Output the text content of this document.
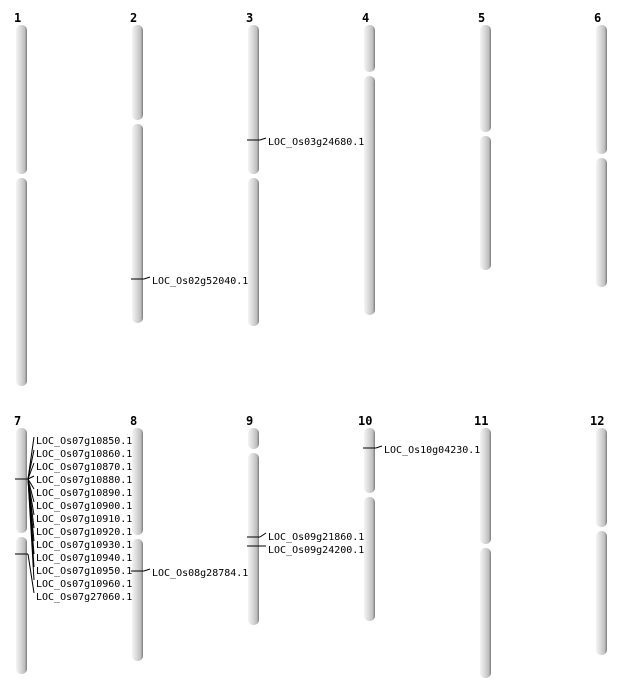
1	2	3	4	5	6
7	8	9	10	11	12
LOC_Os02g52040.1
LOC_Os03g24680.1
LOC_Os07g10850.1
LOC_Os07g10860.1
LOC_Os07g10870.1
LOC_Os07g10880.1
LOC_Os07g10890.1
LOC_Os07g10900.1
LOC_Os07g10910.1
LOC_Os07g10920.1
LOC_Os07g10930.1
LOC_Os07g10940.1
LOC_Os07g10950.1
LOC_Os07g10960.1
LOC_Os07g27060.1
LOC_Os08g28784.1
LOC_Os09g21860.1
LOC_Os09g24200.1
LOC_Os10g04230.1
